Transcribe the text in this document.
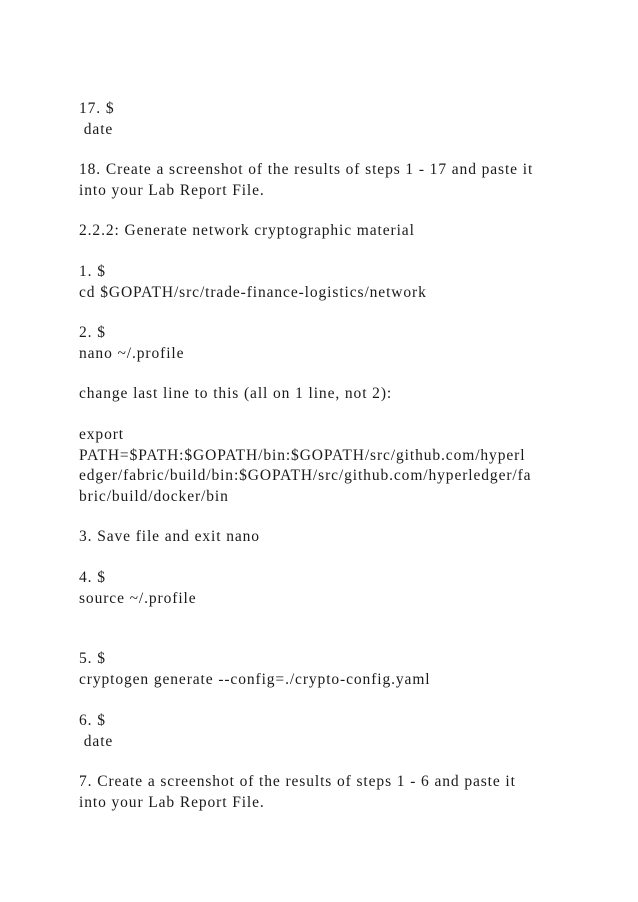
17. $

date

18. Create a screenshot of the results of steps 1 - 17 and paste it

into your Lab Report File.

2.2.2: Generate network cryptographic material

1. $

cd $GOPATH/src/trade-finance-logistics/network

2. $

nano ~/.profile

change last line to this (all on 1 line, not 2):

export

PATH=$PATH:$GOPATH/bin:$GOPATH/src/github.com/hyperl

edger/fabric/build/bin:$GOPATH/src/github.com/hyperledger/fa

bric/build/docker/bin

3. Save file and exit nano

4. $

source ~/.profile

5. $

cryptogen generate --config=./crypto-config.yaml

6. $

date

7. Create a screenshot of the results of steps 1 - 6 and paste it

into your Lab Report File.
